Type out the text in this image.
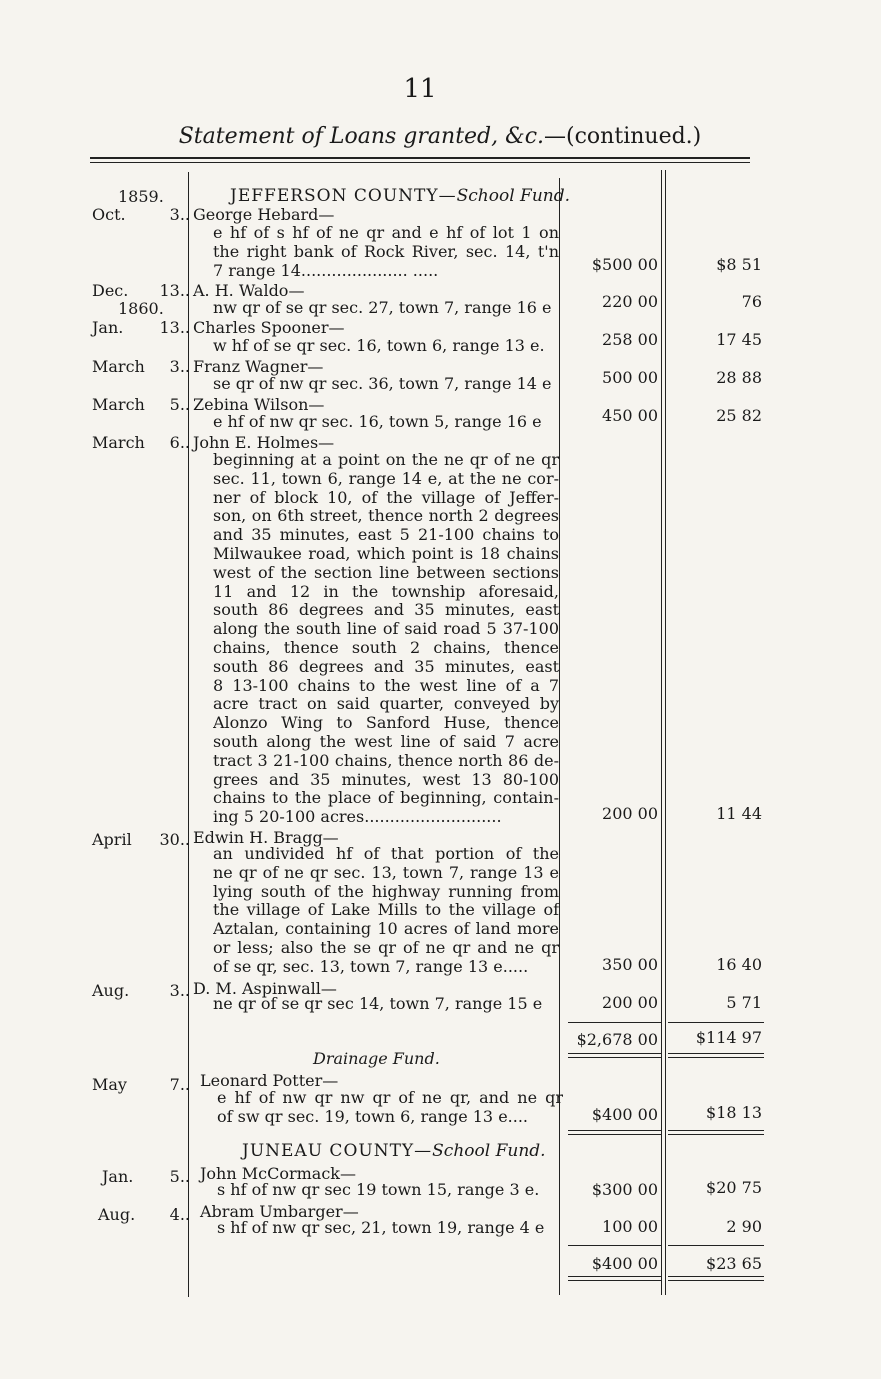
11
Statement of Loans granted, &c.—(continued.)
1859.	JEFFERSON COUNTY—School Fund.
Oct.	3.. George Hebard—
e hf of s hf of ne qr and e hf of lot 1 on
the right bank of Rock River, sec. 14, t'n
7 range 14..................... .....	$500 00	$8 51
Dec. 13.. A. H. Waldo—
nw qr of se qr sec. 27, town 7, range 16 e	220 00	76
1860.
Jan. 13.. Charles Spooner—
w hf of se qr sec. 16, town 6, range 13 e.	258 00	17 45
March 3.. Franz Wagner—
se qr of nw qr sec. 36, town 7, range 14 e	500 00	28 88
March 5.. Zebina Wilson—
e hf of nw qr sec. 16, town 5, range 16 e	450 00	25 82
March 6.. John E. Holmes—
beginning at a point on the ne qr of ne qr
sec. 11, town 6, range 14 e, at the ne cor-
ner of block 10, of the village of Jeffer-
son, on 6th street, thence north 2 degrees
and 35 minutes, east 5 21-100 chains to
Milwaukee road, which point is 18 chains
west of the section line between sections
11 and 12 in the township aforesaid,
south 86 degrees and 35 minutes, east
along the south line of said road 5 37-100
chains, thence south 2 chains, thence
south 86 degrees and 35 minutes, east
8 13-100 chains to the west line of a 7
acre tract on said quarter, conveyed by
Alonzo Wing to Sanford Huse, thence
south along the west line of said 7 acre
tract 3 21-100 chains, thence north 86 de-
grees and 35 minutes, west 13 80-100
chains to the place of beginning, contain-
ing 5 20-100 acres...........................	200 00	11 44
April 30.. Edwin H. Bragg—
an undivided hf of that portion of the
ne qr of ne qr sec. 13, town 7, range 13 e
lying south of the highway running from
the village of Lake Mills to the village of
Aztalan, containing 10 acres of land more
or less; also the se qr of ne qr and ne qr
of se qr, sec. 13, town 7, range 13 e.....	350 00	16 40
Aug.	3.. D. M. Aspinwall—
ne qr of se qr sec 14, town 7, range 15 e	200 00	5 71
$2,678 00	$114 97
Drainage Fund.
May	7.. Leonard Potter—
e hf of nw qr nw qr of ne qr, and ne qr
of sw qr sec. 19, town 6, range 13 e....	$400 00	$18 13
JUNEAU COUNTY—School Fund.
Jan. 5.. John McCormack—
s hf of nw qr sec 19 town 15, range 3 e.	$300 00	$20 75
Aug. 4.. Abram Umbarger—
s hf of nw qr sec, 21, town 19, range 4 e	100 00	2 90
$400 00	$23 65
